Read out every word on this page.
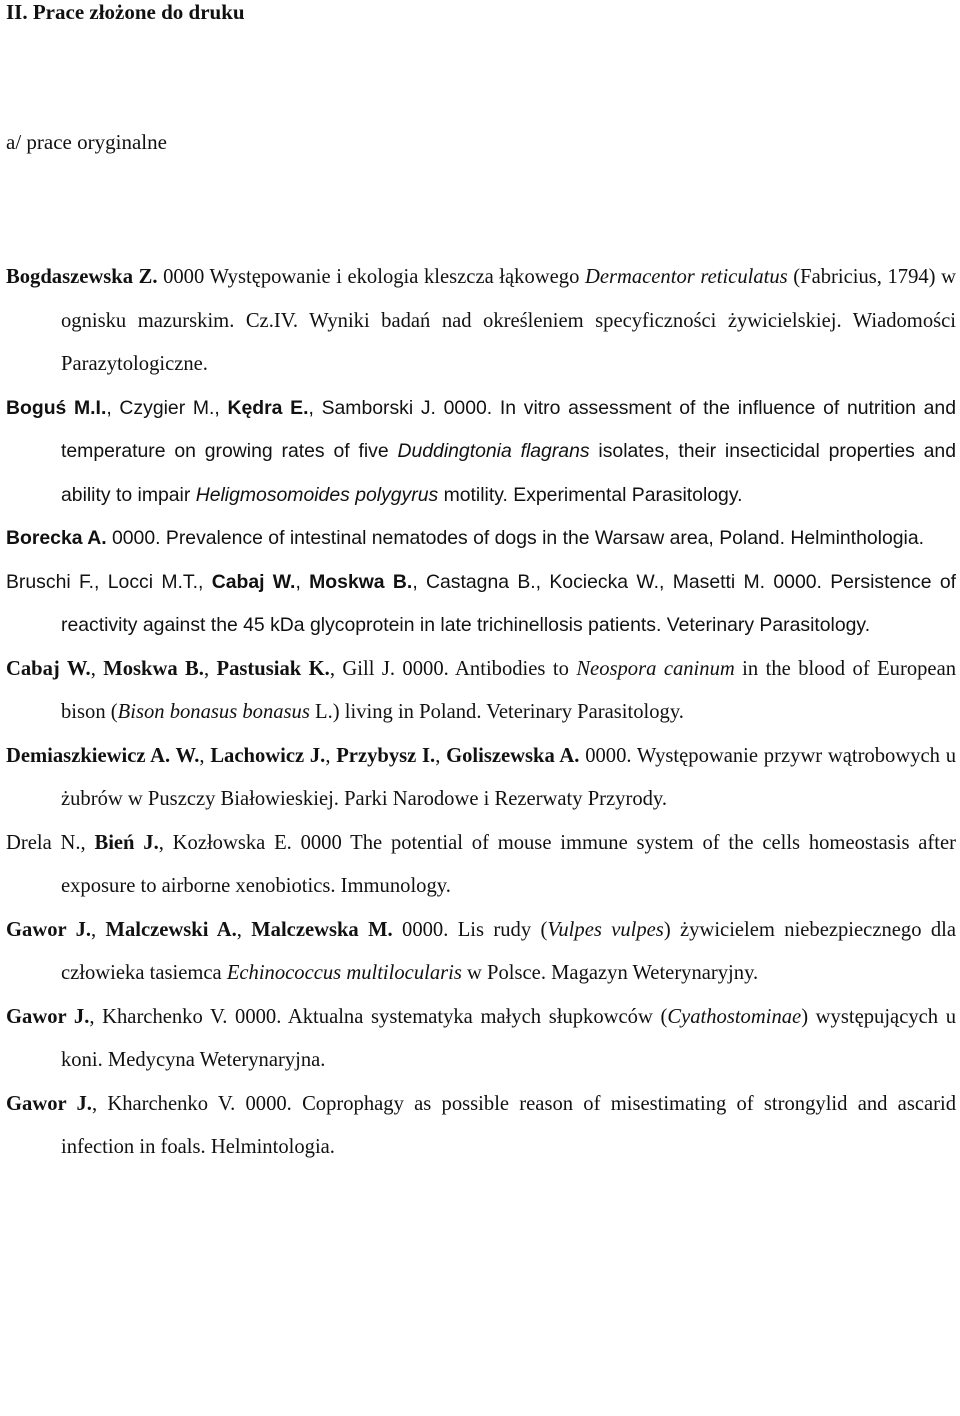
II. Prace złożone do druku
a/ prace oryginalne

Bogdaszewska Z. 0000 Występowanie i ekologia kleszcza łąkowego Dermacentor reticulatus (Fabricius, 1794) w ognisku mazurskim. Cz.IV. Wyniki badań nad określeniem specyficzności żywicielskiej. Wiadomości Parazytologiczne.

Boguś M.I., Czygier M., Kędra E., Samborski J. 0000. In vitro assessment of the influence of nutrition and temperature on growing rates of five Duddingtonia flagrans isolates, their insecticidal properties and ability to impair Heligmosomoides polygyrus motility. Experimental Parasitology.

Borecka A. 0000. Prevalence of intestinal nematodes of dogs in the Warsaw area, Poland. Helminthologia.

Bruschi F., Locci M.T., Cabaj W., Moskwa B., Castagna B., Kociecka W., Masetti M. 0000. Persistence of reactivity against the 45 kDa glycoprotein in late trichinellosis patients. Veterinary Parasitology.

Cabaj W., Moskwa B., Pastusiak K., Gill J. 0000. Antibodies to Neospora caninum in the blood of European bison (Bison bonasus bonasus L.) living in Poland. Veterinary Parasitology.

Demiaszkiewicz A. W., Lachowicz J., Przybysz I., Goliszewska A. 0000. Występowanie przywr wątrobowych u żubrów w Puszczy Białowieskiej. Parki Narodowe i Rezerwaty Przyrody.

Drela N., Bień J., Kozłowska E. 0000 The potential of mouse immune system of the cells homeostasis after exposure to airborne xenobiotics. Immunology.

Gawor J., Malczewski A., Malczewska M. 0000. Lis rudy (Vulpes vulpes) żywicielem niebezpiecznego dla człowieka tasiemca Echinococcus multilocularis w Polsce. Magazyn Weterynaryjny.

Gawor J., Kharchenko V. 0000. Aktualna systematyka małych słupkowców (Cyathostominae) występujących u koni. Medycyna Weterynaryjna.

Gawor J., Kharchenko V. 0000. Coprophagy as possible reason of misestimating of strongylid and ascarid infection in foals. Helmintologia.
